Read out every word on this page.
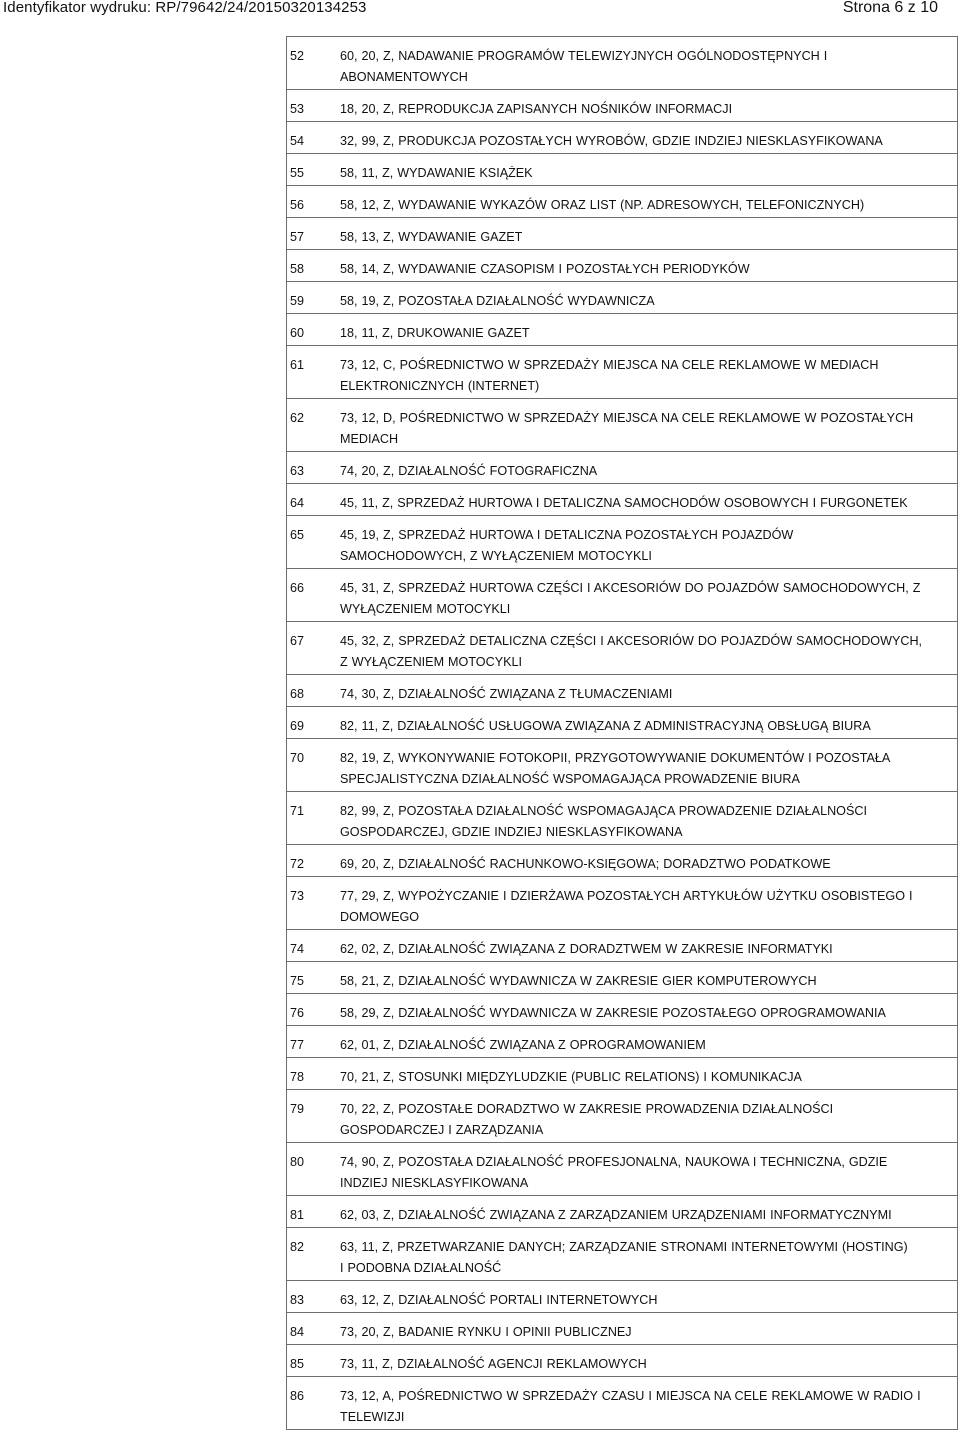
Identyfikator wydruku: RP/79642/24/20150320134253	Strona 6 z 10
52	60, 20, Z, NADAWANIE PROGRAMÓW TELEWIZYJNYCH OGÓLNODOSTĘPNYCH I
ABONAMENTOWYCH
53	18, 20, Z, REPRODUKCJA ZAPISANYCH NOŚNIKÓW INFORMACJI
54	32, 99, Z, PRODUKCJA POZOSTAŁYCH WYROBÓW, GDZIE INDZIEJ NIESKLASYFIKOWANA
55	58, 11, Z, WYDAWANIE KSIĄŻEK
56	58, 12, Z, WYDAWANIE WYKAZÓW ORAZ LIST (NP. ADRESOWYCH, TELEFONICZNYCH)
57	58, 13, Z, WYDAWANIE GAZET
58	58, 14, Z, WYDAWANIE CZASOPISM I POZOSTAŁYCH PERIODYKÓW
59	58, 19, Z, POZOSTAŁA DZIAŁALNOŚĆ WYDAWNICZA
60	18, 11, Z, DRUKOWANIE GAZET
61	73, 12, C, POŚREDNICTWO W SPRZEDAŻY MIEJSCA NA CELE REKLAMOWE W MEDIACH
ELEKTRONICZNYCH (INTERNET)
62	73, 12, D, POŚREDNICTWO W SPRZEDAŻY MIEJSCA NA CELE REKLAMOWE W POZOSTAŁYCH
MEDIACH
63	74, 20, Z, DZIAŁALNOŚĆ FOTOGRAFICZNA
64	45, 11, Z, SPRZEDAŻ HURTOWA I DETALICZNA SAMOCHODÓW OSOBOWYCH I FURGONETEK
65	45, 19, Z, SPRZEDAŻ HURTOWA I DETALICZNA POZOSTAŁYCH POJAZDÓW
SAMOCHODOWYCH, Z WYŁĄCZENIEM MOTOCYKLI
66	45, 31, Z, SPRZEDAŻ HURTOWA CZĘŚCI I AKCESORIÓW DO POJAZDÓW SAMOCHODOWYCH, Z
WYŁĄCZENIEM MOTOCYKLI
67	45, 32, Z, SPRZEDAŻ DETALICZNA CZĘŚCI I AKCESORIÓW DO POJAZDÓW SAMOCHODOWYCH,
Z WYŁĄCZENIEM MOTOCYKLI
68	74, 30, Z, DZIAŁALNOŚĆ ZWIĄZANA Z TŁUMACZENIAMI
69	82, 11, Z, DZIAŁALNOŚĆ USŁUGOWA ZWIĄZANA Z ADMINISTRACYJNĄ OBSŁUGĄ BIURA
70	82, 19, Z, WYKONYWANIE FOTOKOPII, PRZYGOTOWYWANIE DOKUMENTÓW I POZOSTAŁA
SPECJALISTYCZNA DZIAŁALNOŚĆ WSPOMAGAJĄCA PROWADZENIE BIURA
71	82, 99, Z, POZOSTAŁA DZIAŁALNOŚĆ WSPOMAGAJĄCA PROWADZENIE DZIAŁALNOŚCI
GOSPODARCZEJ, GDZIE INDZIEJ NIESKLASYFIKOWANA
72	69, 20, Z, DZIAŁALNOŚĆ RACHUNKOWO-KSIĘGOWA; DORADZTWO PODATKOWE
73	77, 29, Z, WYPOŻYCZANIE I DZIERŻAWA POZOSTAŁYCH ARTYKUŁÓW UŻYTKU OSOBISTEGO I
DOMOWEGO
74	62, 02, Z, DZIAŁALNOŚĆ ZWIĄZANA Z DORADZTWEM W ZAKRESIE INFORMATYKI
75	58, 21, Z, DZIAŁALNOŚĆ WYDAWNICZA W ZAKRESIE GIER KOMPUTEROWYCH
76	58, 29, Z, DZIAŁALNOŚĆ WYDAWNICZA W ZAKRESIE POZOSTAŁEGO OPROGRAMOWANIA
77	62, 01, Z, DZIAŁALNOŚĆ ZWIĄZANA Z OPROGRAMOWANIEM
78	70, 21, Z, STOSUNKI MIĘDZYLUDZKIE (PUBLIC RELATIONS) I KOMUNIKACJA
79	70, 22, Z, POZOSTAŁE DORADZTWO W ZAKRESIE PROWADZENIA DZIAŁALNOŚCI
GOSPODARCZEJ I ZARZĄDZANIA
80	74, 90, Z, POZOSTAŁA DZIAŁALNOŚĆ PROFESJONALNA, NAUKOWA I TECHNICZNA, GDZIE
INDZIEJ NIESKLASYFIKOWANA
81	62, 03, Z, DZIAŁALNOŚĆ ZWIĄZANA Z ZARZĄDZANIEM URZĄDZENIAMI INFORMATYCZNYMI
82	63, 11, Z, PRZETWARZANIE DANYCH; ZARZĄDZANIE STRONAMI INTERNETOWYMI (HOSTING)
I PODOBNA DZIAŁALNOŚĆ
83	63, 12, Z, DZIAŁALNOŚĆ PORTALI INTERNETOWYCH
84	73, 20, Z, BADANIE RYNKU I OPINII PUBLICZNEJ
85	73, 11, Z, DZIAŁALNOŚĆ AGENCJI REKLAMOWYCH
86	73, 12, A, POŚREDNICTWO W SPRZEDAŻY CZASU I MIEJSCA NA CELE REKLAMOWE W RADIO I
TELEWIZJI
